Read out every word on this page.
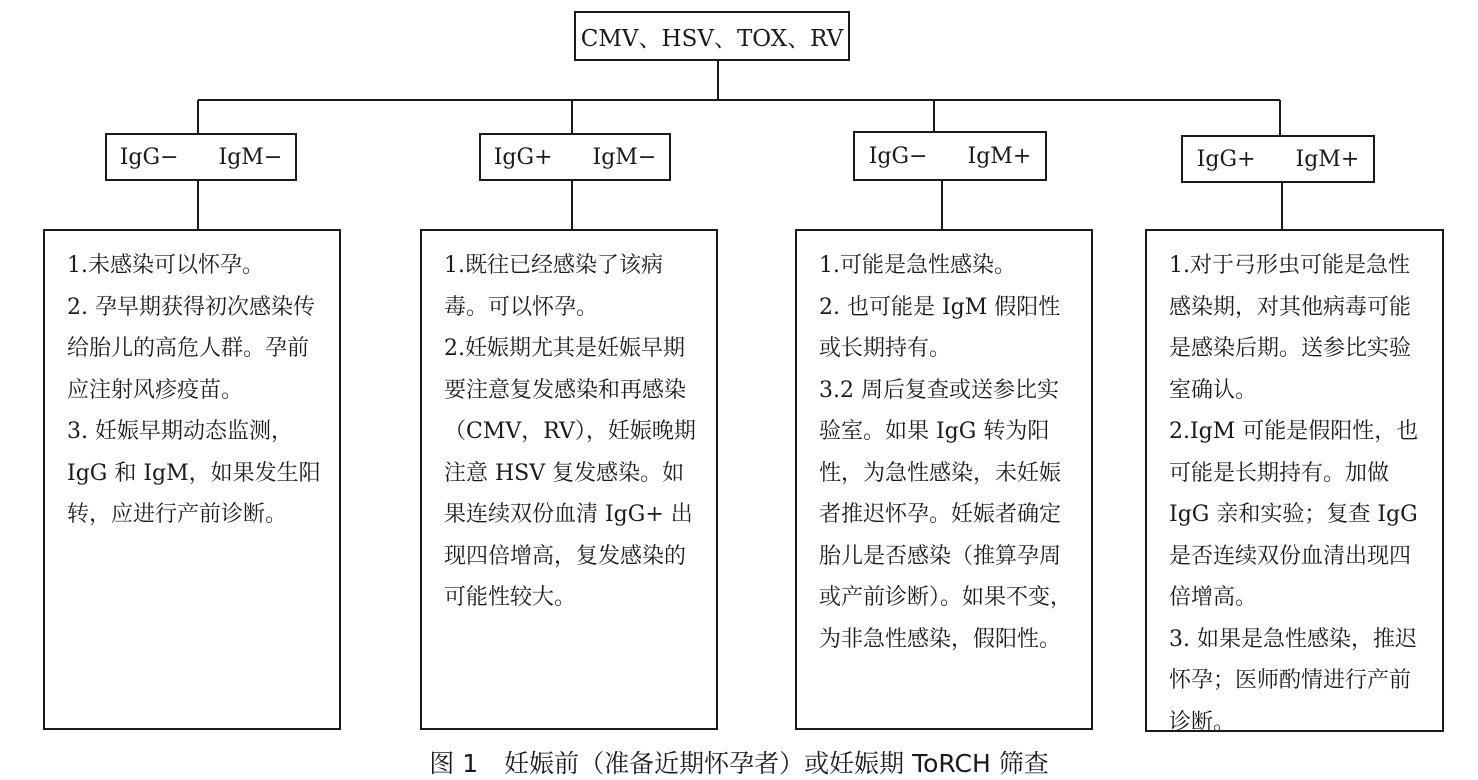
CMV、HSV、TOX、RV
IgG− IgM−

1.未感染可以怀孕。

2. 孕早期获得初次感染传给胎儿的高危人群。孕前应注射风疹疫苗。

3. 妊娠早期动态监测，IgG 和 IgM，如果发生阳转，应进行产前诊断。

IgG+ IgM−

1.既往已经感染了该病毒。可以怀孕。

2.妊娠期尤其是妊娠早期要注意复发感染和再感染（CMV，RV），妊娠晚期注意 HSV 复发感染。如果连续双份血清 IgG+ 出现四倍增高，复发感染的可能性较大。

IgG− IgM+

1.可能是急性感染。

2. 也可能是 IgM 假阳性或长期持有。

3.2 周后复查或送参比实验室。如果 IgG 转为阳性，为急性感染，未妊娠者推迟怀孕。妊娠者确定胎儿是否感染（推算孕周或产前诊断）。如果不变，为非急性感染，假阳性。

IgG+ IgM+

1.对于弓形虫可能是急性感染期，对其他病毒可能是感染后期。送参比实验室确认。

2.IgM 可能是假阳性，也可能是长期持有。加做 IgG 亲和实验；复查 IgG 是否连续双份血清出现四倍增高。

3. 如果是急性感染，推迟怀孕；医师酌情进行产前诊断。

图 1 妊娠前（准备近期怀孕者）或妊娠期 ToRCH 筛查
